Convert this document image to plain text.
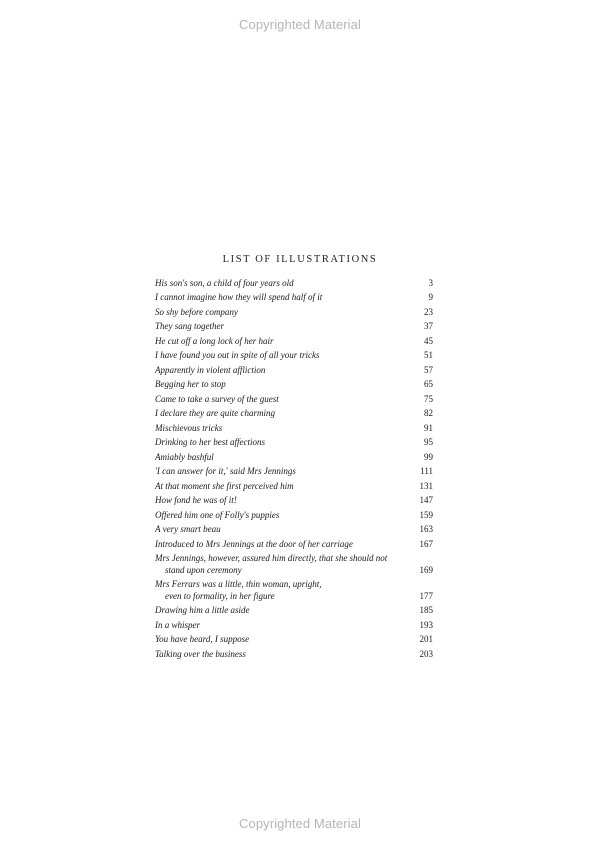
Copyrighted Material
LIST OF ILLUSTRATIONS
His son's son, a child of four years old	3
I cannot imagine how they will spend half of it	9
So shy before company	23
They sang together	37
He cut off a long lock of her hair	45
I have found you out in spite of all your tricks	51
Apparently in violent affliction	57
Begging her to stop	65
Came to take a survey of the guest	75
I declare they are quite charming	82
Mischievous tricks	91
Drinking to her best affections	95
Amiably bashful	99
'I can answer for it,' said Mrs Jennings	111
At that moment she first perceived him	131
How fond he was of it!	147
Offered him one of Folly's puppies	159
A very smart beau	163
Introduced to Mrs Jennings at the door of her carriage	167
Mrs Jennings, however, assured him directly, that she should not
stand upon ceremony	169
Mrs Ferrars was a little, thin woman, upright,
even to formality, in her figure	177
Drawing him a little aside	185
In a whisper	193
You have heard, I suppose	201
Talking over the business	203
Copyrighted Material
